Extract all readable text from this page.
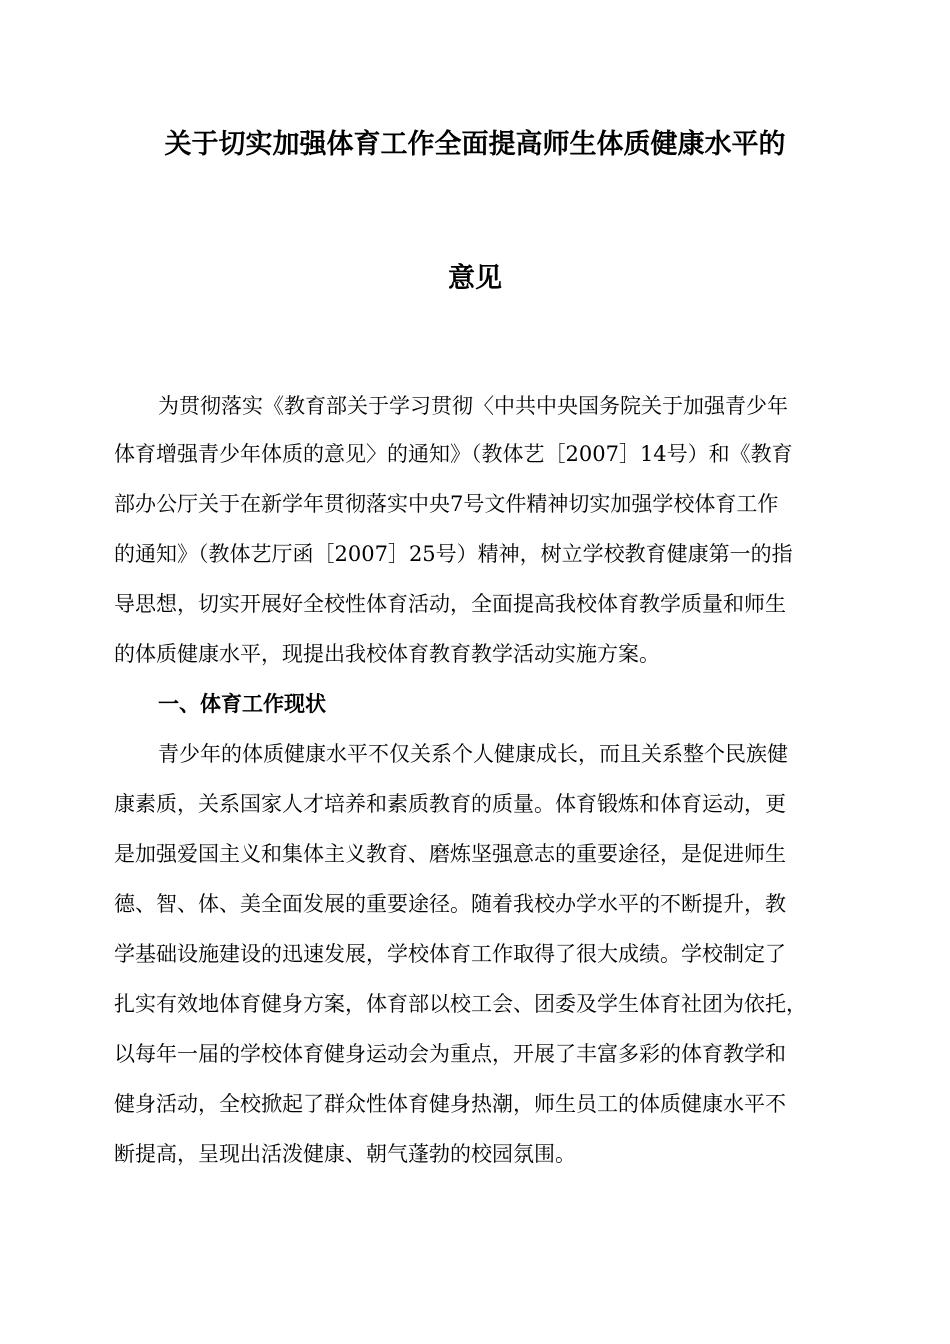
关于切实加强体育工作全面提高师生体质健康水平的
意见

为贯彻落实《教育部关于学习贯彻〈中共中央国务院关于加强青少年

体育增强青少年体质的意见〉的通知》（教体艺［2007］14号）和《教育

部办公厅关于在新学年贯彻落实中央7号文件精神切实加强学校体育工作

的通知》（教体艺厅函［2007］25号）精神，树立学校教育健康第一的指

导思想，切实开展好全校性体育活动，全面提高我校体育教学质量和师生

的体质健康水平，现提出我校体育教育教学活动实施方案。

一、体育工作现状

青少年的体质健康水平不仅关系个人健康成长，而且关系整个民族健

康素质，关系国家人才培养和素质教育的质量。体育锻炼和体育运动，更

是加强爱国主义和集体主义教育、磨炼坚强意志的重要途径，是促进师生

德、智、体、美全面发展的重要途径。随着我校办学水平的不断提升，教

学基础设施建设的迅速发展，学校体育工作取得了很大成绩。学校制定了

扎实有效地体育健身方案，体育部以校工会、团委及学生体育社团为依托，

以每年一届的学校体育健身运动会为重点，开展了丰富多彩的体育教学和

健身活动，全校掀起了群众性体育健身热潮，师生员工的体质健康水平不

断提高，呈现出活泼健康、朝气蓬勃的校园氛围。
